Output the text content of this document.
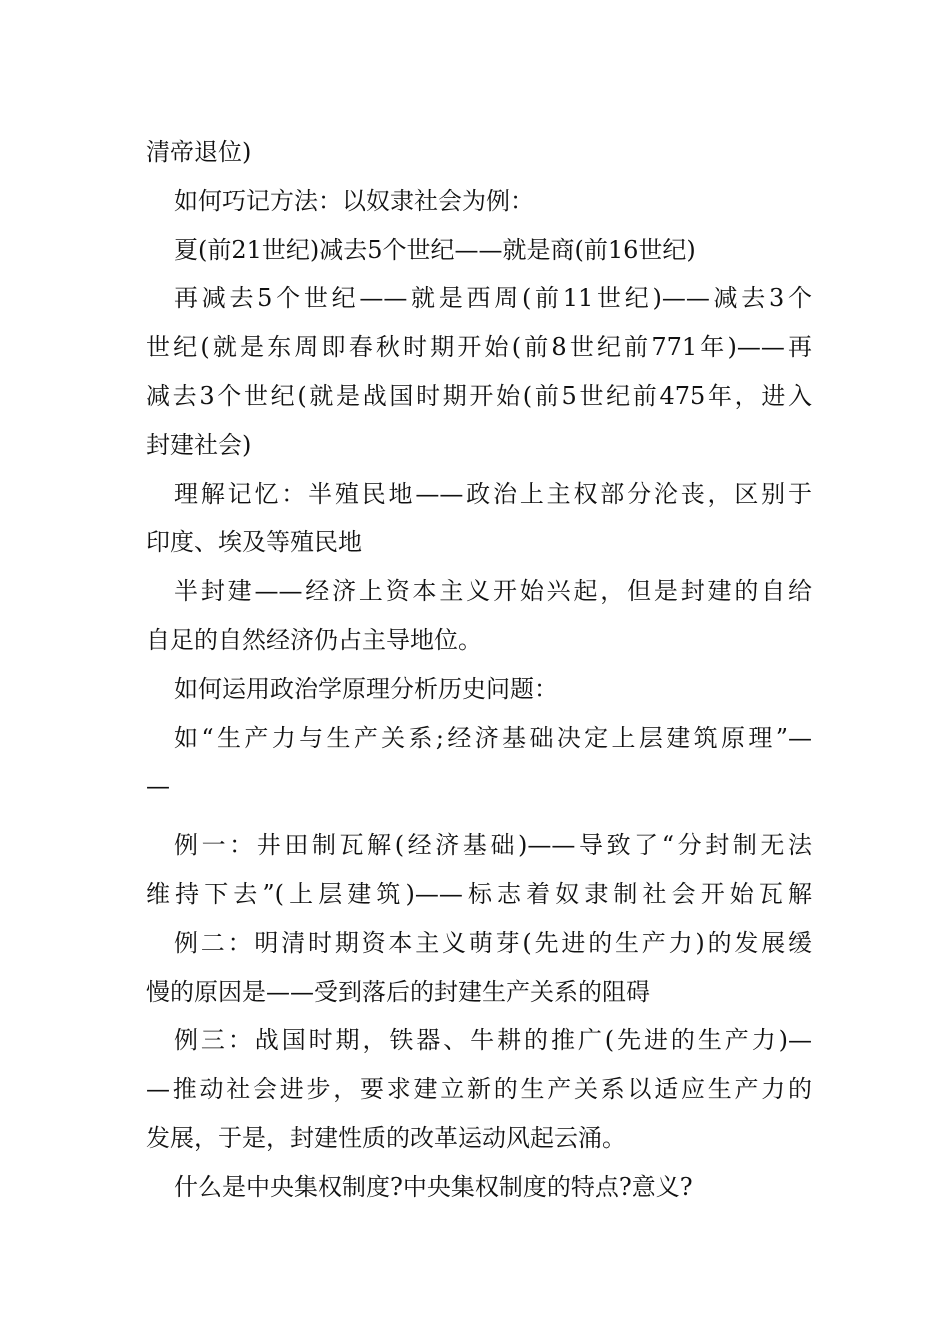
清帝退位)
如何巧记方法：以奴隶社会为例：
夏(前21世纪)减去5个世纪——就是商(前16世纪)
再减去5个世纪——就是西周(前11世纪)——减去3个
世纪(就是东周即春秋时期开始(前8世纪前771年)——再
减去3个世纪(就是战国时期开始(前5世纪前475年，进入
封建社会)
理解记忆：半殖民地——政治上主权部分沦丧，区别于
印度、埃及等殖民地
半封建——经济上资本主义开始兴起，但是封建的自给
自足的自然经济仍占主导地位。
如何运用政治学原理分析历史问题：
如“生产力与生产关系;经济基础决定上层建筑原理”—
—
例一：井田制瓦解(经济基础)——导致了“分封制无法
维持下去”(上层建筑)——标志着奴隶制社会开始瓦解
例二：明清时期资本主义萌芽(先进的生产力)的发展缓
慢的原因是——受到落后的封建生产关系的阻碍
例三：战国时期，铁器、牛耕的推广(先进的生产力)—
—推动社会进步，要求建立新的生产关系以适应生产力的
发展，于是，封建性质的改革运动风起云涌。
什么是中央集权制度?中央集权制度的特点?意义?
